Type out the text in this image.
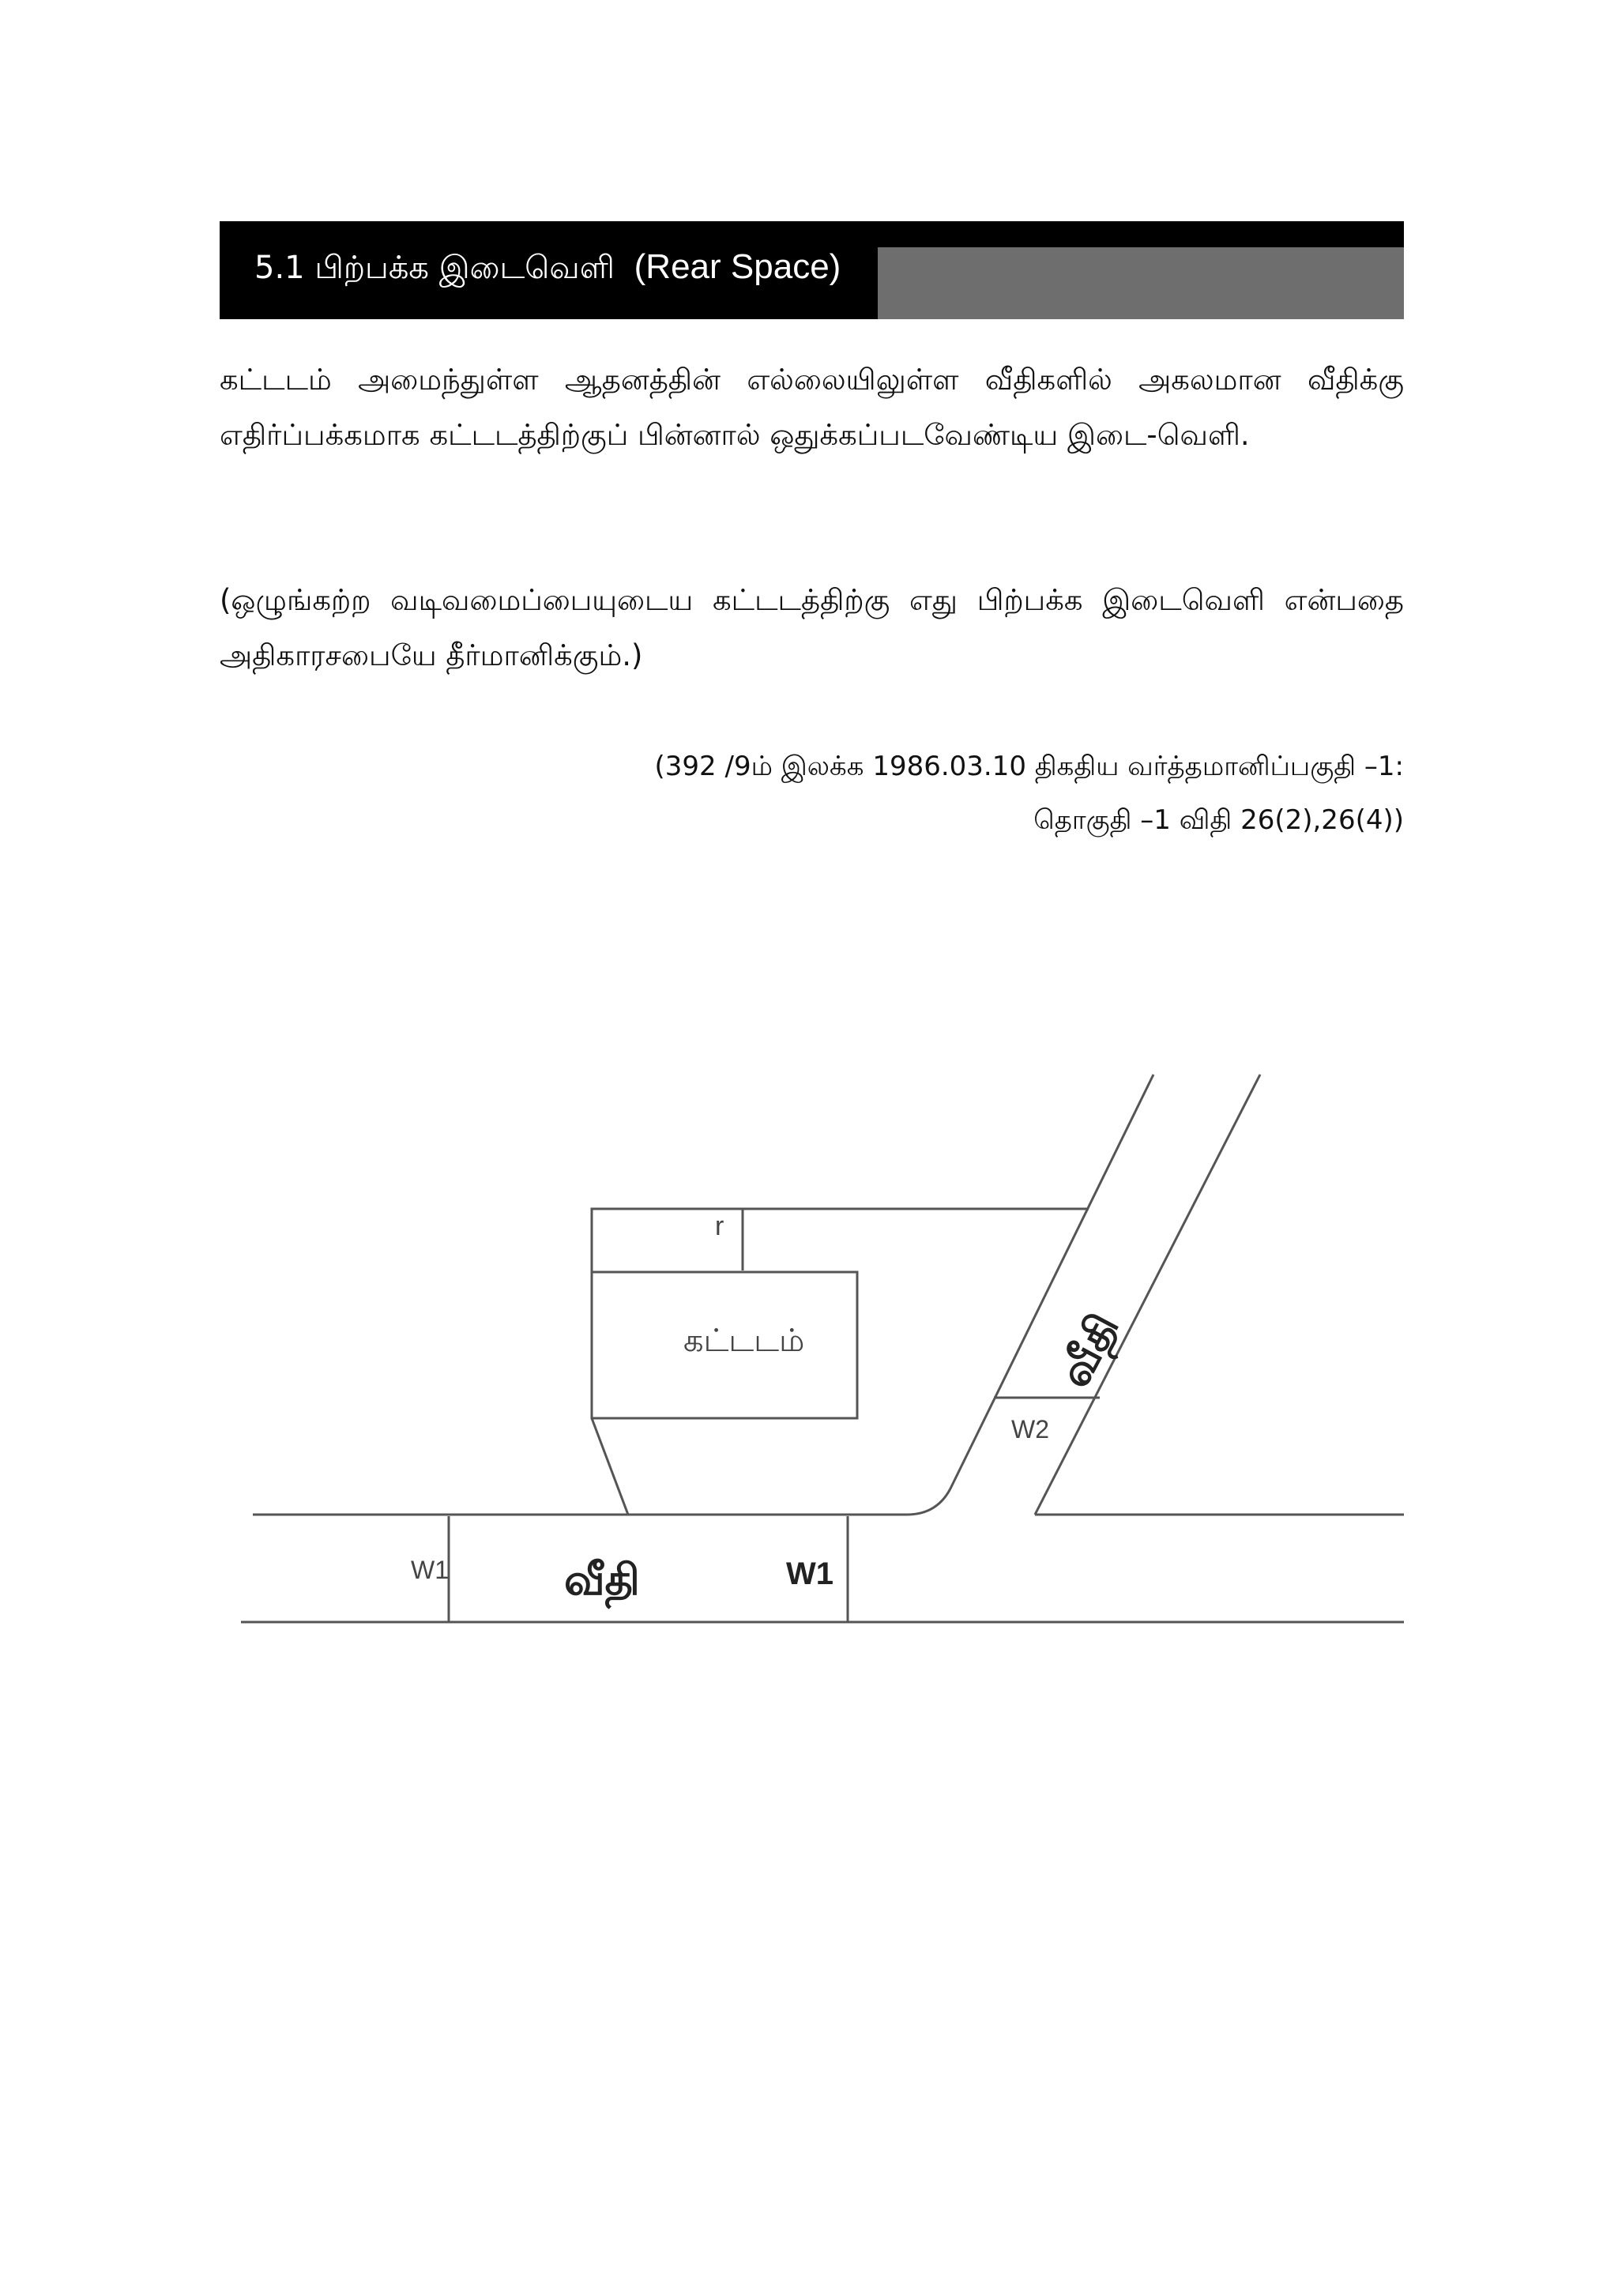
5.1 பிற்பக்க இடைவெளி (Rear Space)

கட்டடம் அமைந்துள்ள ஆதனத்தின் எல்லையிலுள்ள வீதிகளில் அகலமான வீதிக்கு எதிர்ப்பக்கமாக கட்டடத்திற்குப் பின்னால் ஒதுக்கப்படவேண்டிய இடை-வெளி.

(ஒழுங்கற்ற வடிவமைப்பையுடைய கட்டடத்திற்கு எது பிற்பக்க இடைவெளி என்பதை அதிகாரசபையே தீர்மானிக்கும்.)

(392 /9ம் இலக்க 1986.03.10 திகதிய வர்த்தமானிப்பகுதி –1:

தொகுதி –1 விதி 26(2),26(4))

r
கட்டடம்
வீதி
வீதி
W1	W1
W2
